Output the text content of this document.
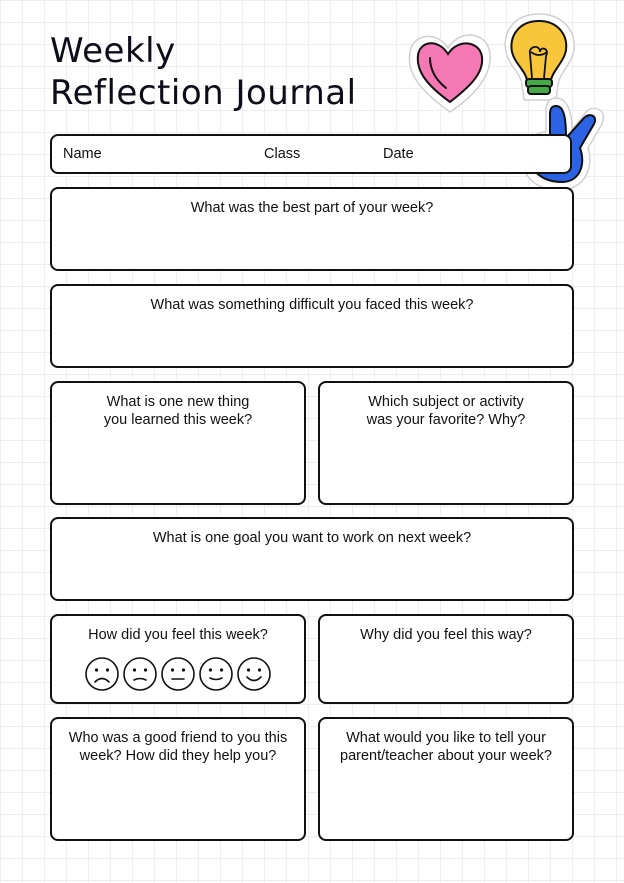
Weekly
Reflection Journal
Name	Class	Date
What was the best part of your week?
What was something difficult you faced this week?
What is one new thing
you learned this week?
Which subject or activity
was your favorite? Why?
What is one goal you want to work on next week?
How did you feel this week?	Why did you feel this way?
Who was a good friend to you this
week? How did they help you?
What would you like to tell your
parent/teacher about your week?
